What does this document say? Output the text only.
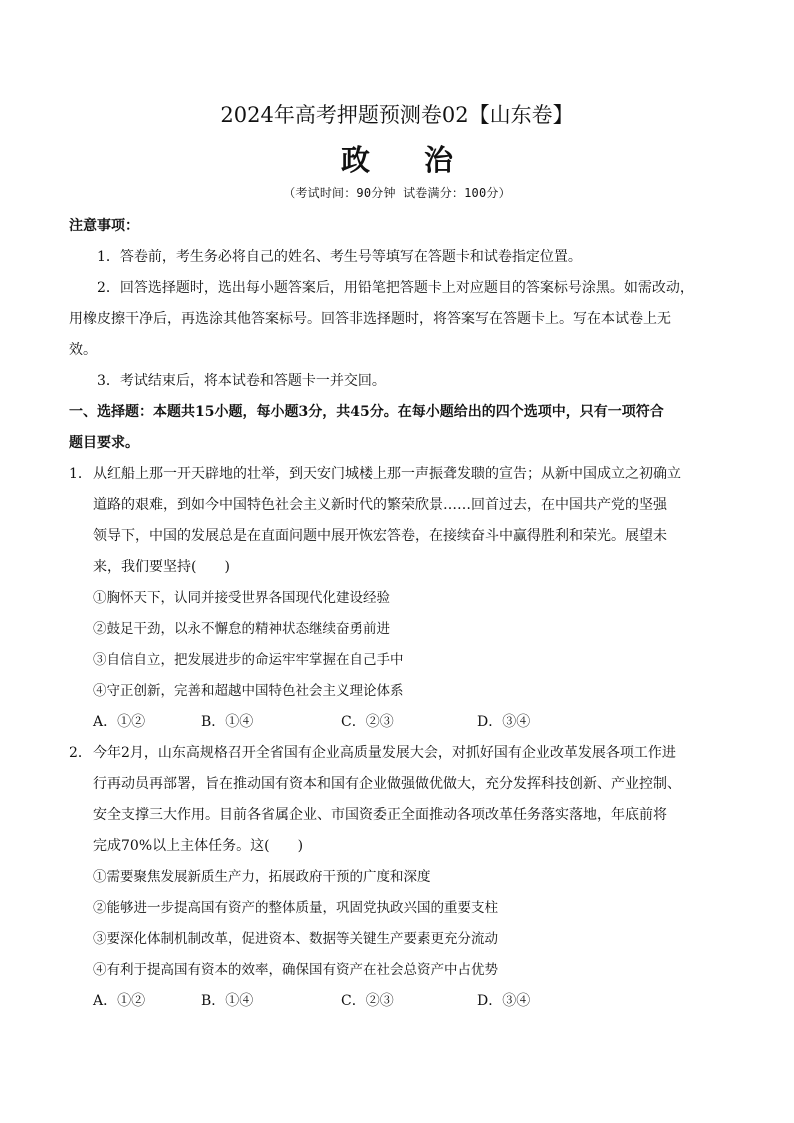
2024年高考押题预测卷02【山东卷】
政 治
（考试时间：90分钟 试卷满分：100分）
注意事项：
1．答卷前，考生务必将自己的姓名、考生号等填写在答题卡和试卷指定位置。
2．回答选择题时，选出每小题答案后，用铅笔把答题卡上对应题目的答案标号涂黑。如需改动，
用橡皮擦干净后，再选涂其他答案标号。回答非选择题时，将答案写在答题卡上。写在本试卷上无
效。
3．考试结束后，将本试卷和答题卡一并交回。
一、选择题：本题共15小题，每小题3分，共45分。在每小题给出的四个选项中，只有一项符合
题目要求。
1． 从红船上那一开天辟地的壮举，到天安门城楼上那一声振聋发聩的宣告；从新中国成立之初确立
道路的艰难，到如今中国特色社会主义新时代的繁荣欣景……回首过去，在中国共产党的坚强
领导下，中国的发展总是在直面问题中展开恢宏答卷，在接续奋斗中赢得胜利和荣光。展望未
来，我们要坚持(　　)
①胸怀天下，认同并接受世界各国现代化建设经验
②鼓足干劲，以永不懈怠的精神状态继续奋勇前进
③自信自立，把发展进步的命运牢牢掌握在自己手中
④守正创新，完善和超越中国特色社会主义理论体系
A．①②	B．①④	C．②③	D．③④
2． 今年2月，山东高规格召开全省国有企业高质量发展大会，对抓好国有企业改革发展各项工作进
行再动员再部署，旨在推动国有资本和国有企业做强做优做大，充分发挥科技创新、产业控制、
安全支撑三大作用。目前各省属企业、市国资委正全面推动各项改革任务落实落地，年底前将
完成70%以上主体任务。这(　　)
①需要聚焦发展新质生产力，拓展政府干预的广度和深度
②能够进一步提高国有资产的整体质量，巩固党执政兴国的重要支柱
③要深化体制机制改革，促进资本、数据等关键生产要素更充分流动
④有利于提高国有资本的效率，确保国有资产在社会总资产中占优势
A．①②	B．①④	C．②③	D．③④
